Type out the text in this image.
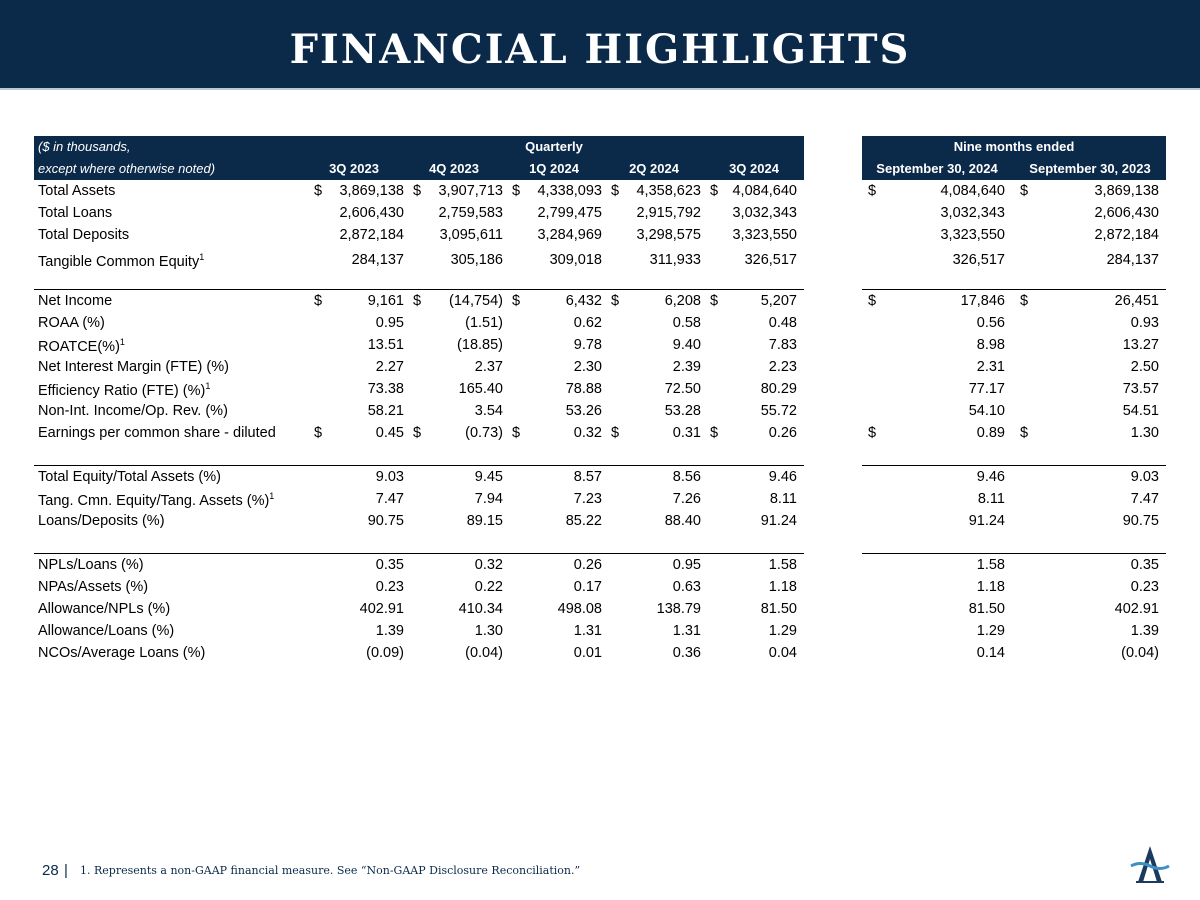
FINANCIAL HIGHLIGHTS
($ in thousands,	Quarterly	Nine months ended
except where otherwise noted)	3Q 2023	4Q 2023	1Q 2024	2Q 2024	3Q 2024	September 30, 2024	September 30, 2023
Total Assets	$ 3,869,138 $ 3,907,713 $ 4,338,093 $ 4,358,623 $ 4,084,640	$	4,084,640 $	3,869,138
Total Loans	2,606,430 2,759,583 2,799,475 2,915,792 3,032,343	3,032,343	2,606,430
Total Deposits	2,872,184 3,095,611 3,284,969 3,298,575 3,323,550	3,323,550	2,872,184
Tangible Common Equity$^1$	284,137	305,186	309,018	311,933	326,517	326,517	284,137
Net Income	$	9,161 $ (14,754) $	6,432 $	6,208 $	5,207	$	17,846 $	26,451
ROAA (%)	0.95	(1.51)	0.62	0.58	0.48	0.56	0.93
ROATCE(%)$^1$	13.51	(18.85)	9.78	9.40	7.83	8.98	13.27
Net Interest Margin (FTE) (%)	2.27	2.37	2.30	2.39	2.23	2.31	2.50
Efficiency Ratio (FTE) (%)$^1$	73.38	165.40	78.88	72.50	80.29	77.17	73.57
Non-Int. Income/Op. Rev. (%)	58.21	3.54	53.26	53.28	55.72	54.10	54.51
Earnings per common share - diluted	$	0.45 $	(0.73) $	0.32 $	0.31 $	0.26	$	0.89 $	1.30
Total Equity/Total Assets (%)	9.03	9.45	8.57	8.56	9.46	9.46	9.03
Tang. Cmn. Equity/Tang. Assets (%)$^1$	7.47	7.94	7.23	7.26	8.11	8.11	7.47
Loans/Deposits (%)	90.75	89.15	85.22	88.40	91.24	91.24	90.75
NPLs/Loans (%)	0.35	0.32	0.26	0.95	1.58	1.58	0.35
NPAs/Assets (%)	0.23	0.22	0.17	0.63	1.18	1.18	0.23
Allowance/NPLs (%)	402.91	410.34	498.08	138.79	81.50	81.50	402.91
Allowance/Loans (%)	1.39	1.30	1.31	1.31	1.29	1.29	1.39
NCOs/Average Loans (%)	(0.09)	(0.04)	0.01	0.36	0.04	0.14	(0.04)
28 | 1. Represents a non-GAAP financial measure. See “Non-GAAP Disclosure Reconciliation.”
